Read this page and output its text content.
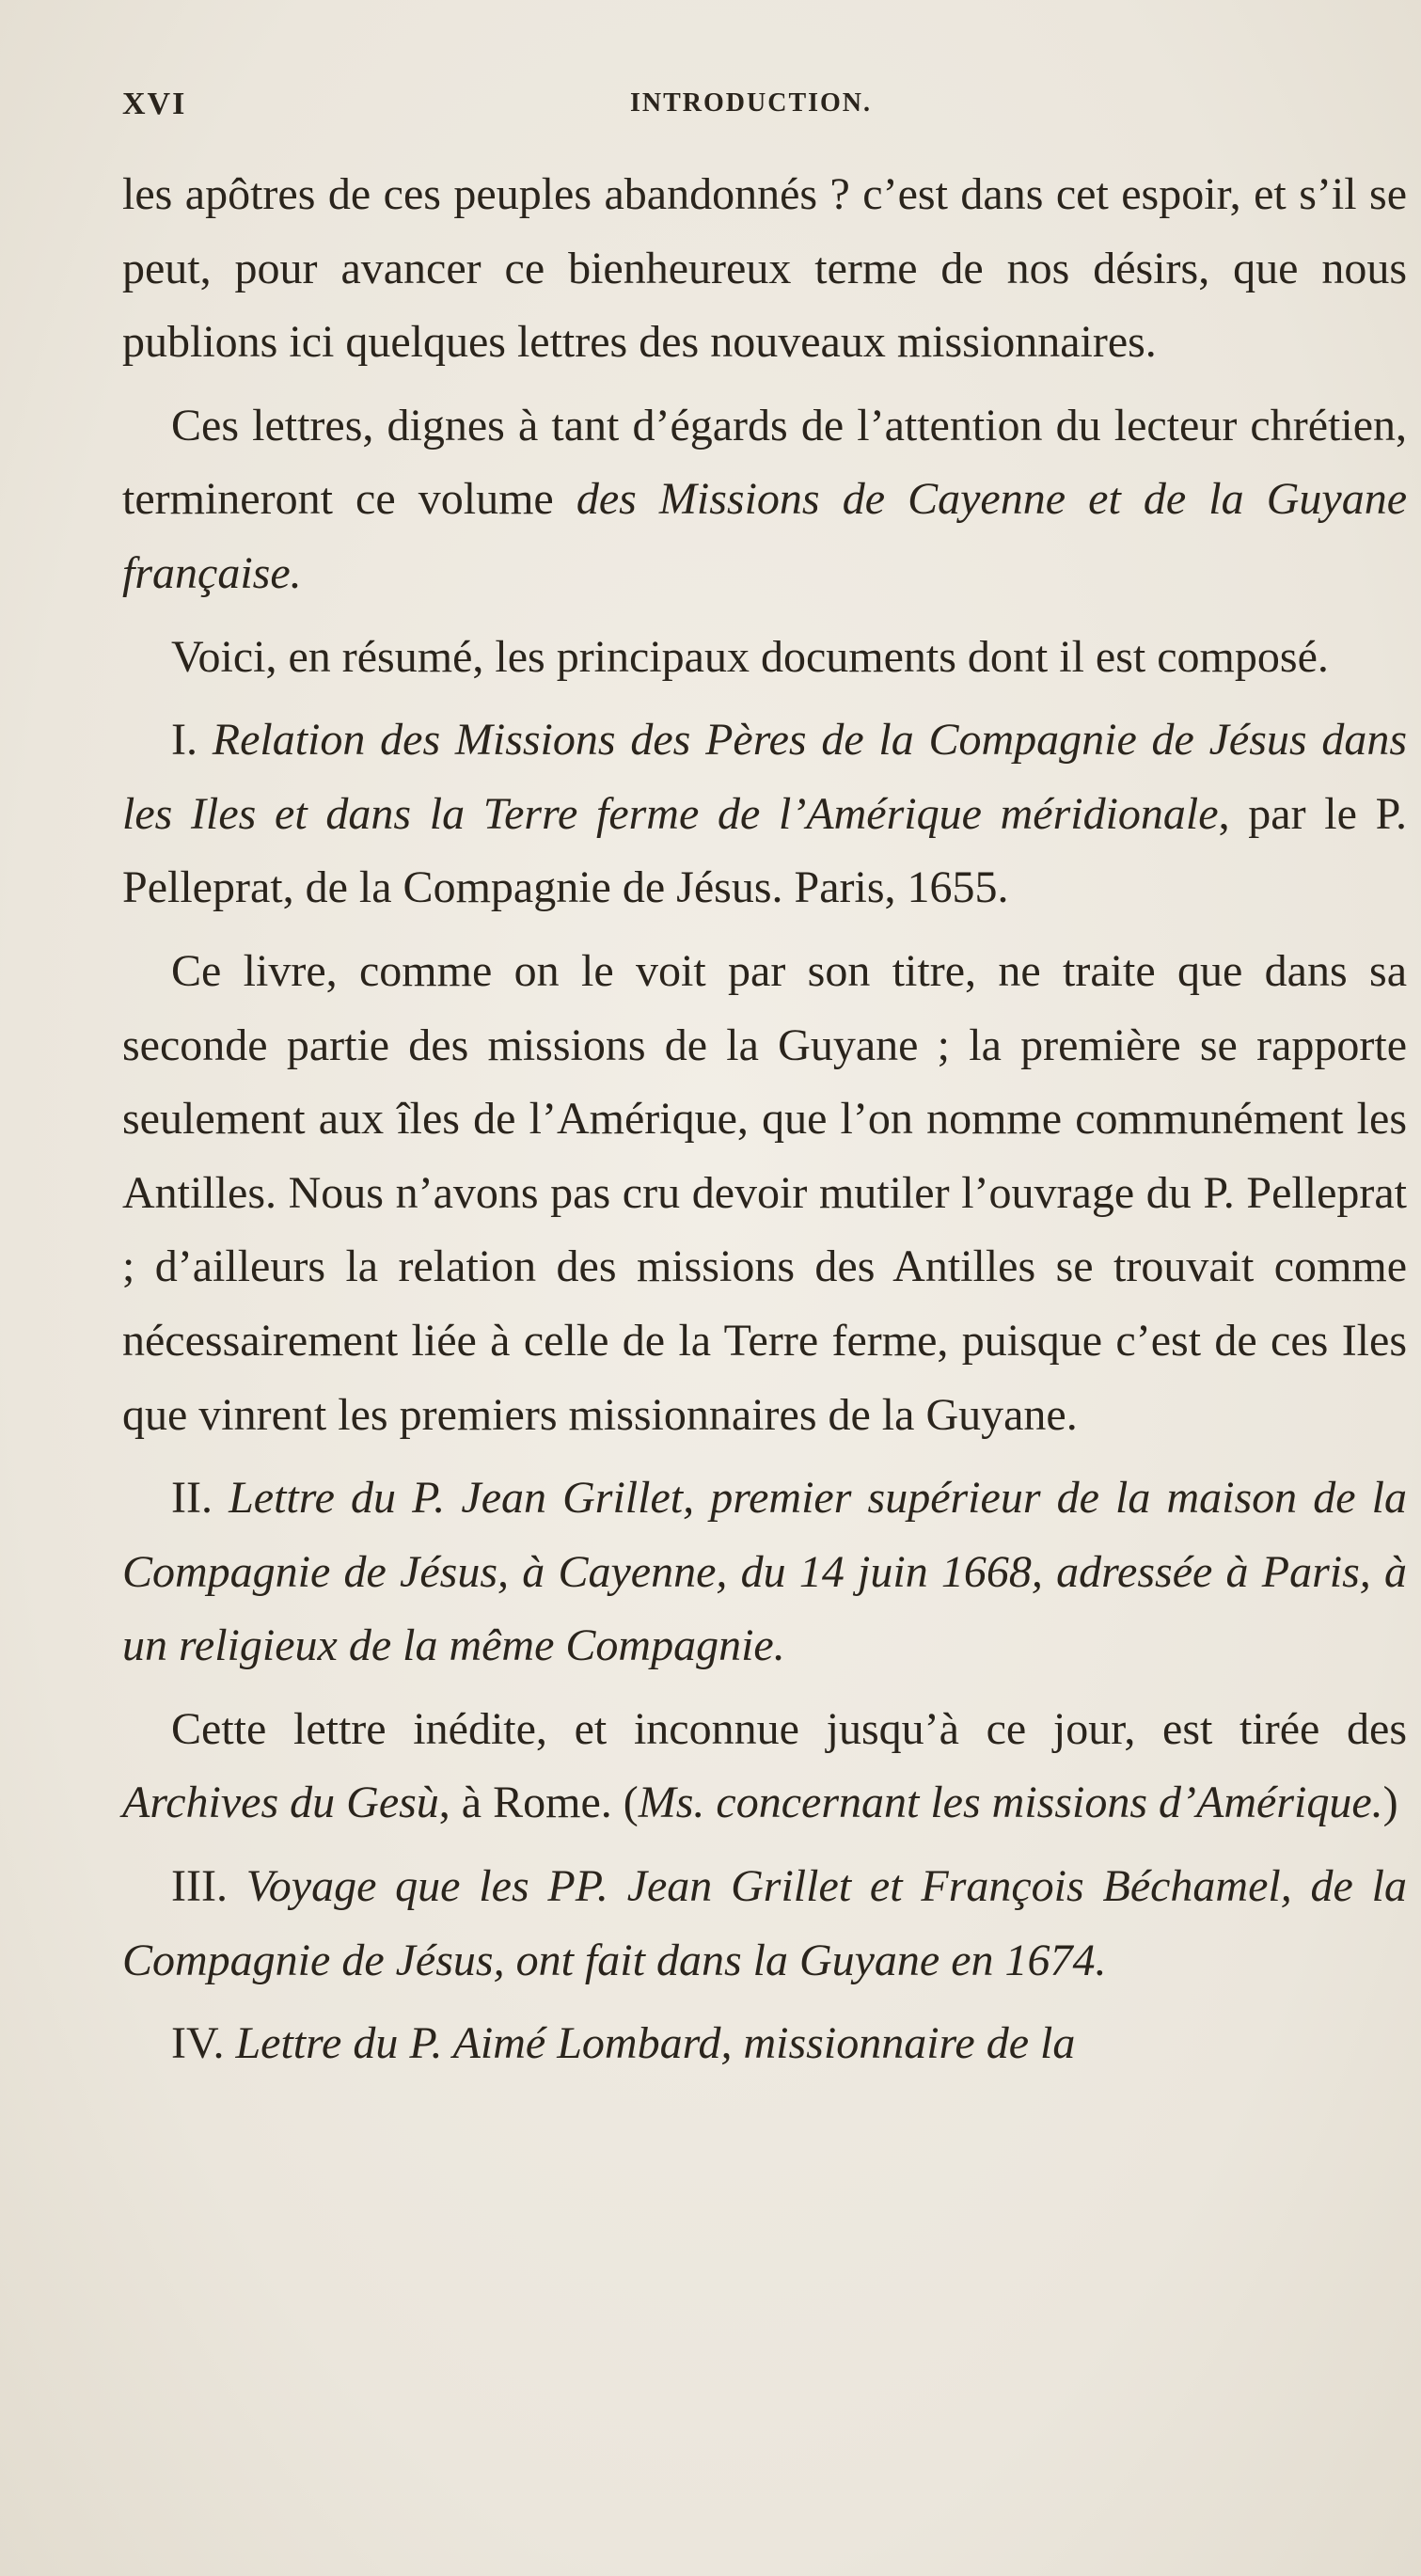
XVI	INTRODUCTION.

les apôtres de ces peuples abandonnés ? c’est dans cet espoir, et s’il se peut, pour avancer ce bienheureux terme de nos désirs, que nous publions ici quelques lettres des nouveaux missionnaires.

Ces lettres, dignes à tant d’égards de l’attention du lecteur chrétien, termineront ce volume des Missions de Cayenne et de la Guyane française.

Voici, en résumé, les principaux documents dont il est composé.

I. Relation des Missions des Pères de la Compagnie de Jésus dans les Iles et dans la Terre ferme de l’Amérique méridionale, par le P. Pelleprat, de la Compagnie de Jésus. Paris, 1655.

Ce livre, comme on le voit par son titre, ne traite que dans sa seconde partie des missions de la Guyane ; la première se rapporte seulement aux îles de l’Amérique, que l’on nomme communément les Antilles. Nous n’avons pas cru devoir mutiler l’ouvrage du P. Pelleprat ; d’ailleurs la relation des missions des Antilles se trouvait comme nécessairement liée à celle de la Terre ferme, puisque c’est de ces Iles que vinrent les premiers missionnaires de la Guyane.

II. Lettre du P. Jean Grillet, premier supérieur de la maison de la Compagnie de Jésus, à Cayenne, du 14 juin 1668, adressée à Paris, à un religieux de la même Compagnie.

Cette lettre inédite, et inconnue jusqu’à ce jour, est tirée des Archives du Gesù, à Rome. (Ms. concernant les missions d’Amérique.)

III. Voyage que les PP. Jean Grillet et François Béchamel, de la Compagnie de Jésus, ont fait dans la Guyane en 1674.

IV. Lettre du P. Aimé Lombard, missionnaire de la
